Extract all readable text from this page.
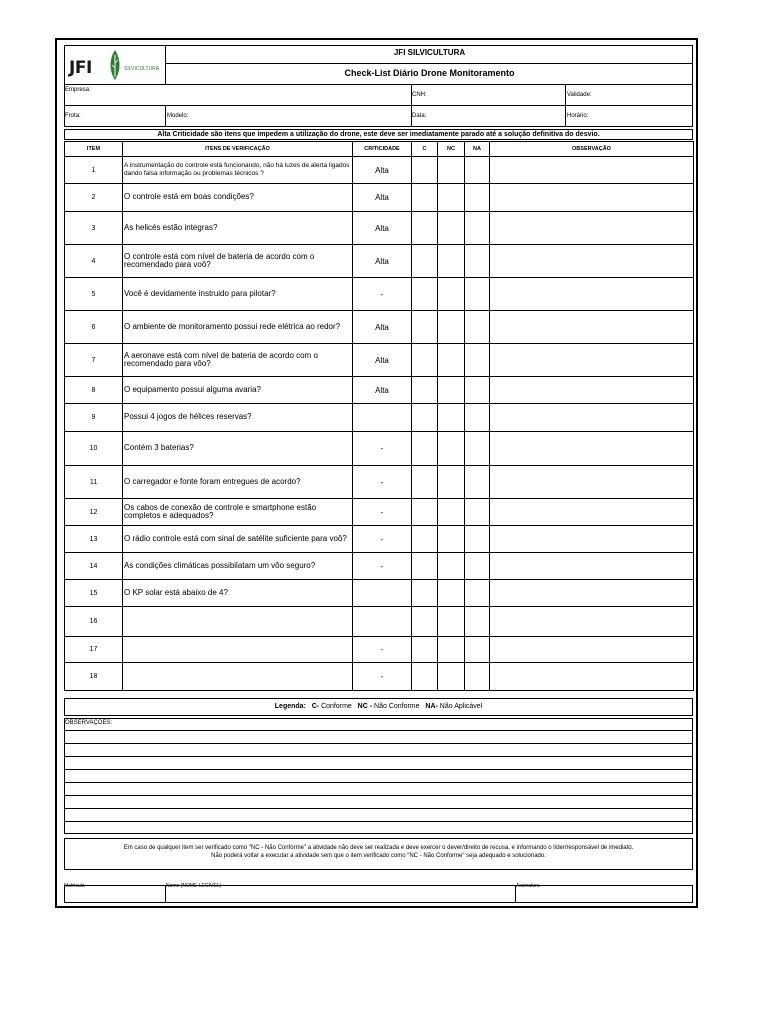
JFI	SILVICULTURA
JFI SILVICULTURA
Check-List Diário Drone Monitoramento
Empresa:
CNH:	Validade:
Frota:	Modelo:	Data:	Horário:
Alta Criticidade são itens que impedem a utilização do drone, este deve ser imediatamente parado até a solução definitiva do desvio.
ITEM	ITENS DE VERIFICAÇÃO	CRITICIDADE	C	NC	NA	OBSERVAÇÃO
1	A instrumentação do controle está funcionando, não há luzes de alerta ligados dando falsa informação ou problemas técnicos ?	Alta				
2	O controle está em boas condições?	Alta				
3	As helicés estão integras?	Alta				
4	O controle está com nível de bateria de acordo com o recomendado para voô?	Alta				
5	Você é devidamente instruido para pilotar?	-				
6	O ambiente de monitoramento possui rede elétrica ao redor?	Alta				
7	A aeronave está com nível de bateria de acordo com o recomendado para vôo?	Alta				
8	O equipamento possui alguma avaria?	Alta				
9	Possui 4 jogos de hélices reservas?					
10	Contém 3 baterias?	-				
11	O carregador e fonte foram entregues de acordo?	-				
12	Os cabos de conexão de controle e smartphone estão completos e adequados?	-				
13	O rádio controle está com sinal de satélite suficiente para voô?	-				
14	As condições climáticas possibilatam um vôo seguro?	-				
15	O KP solar está abaixo de 4?					
16						
17		-				
18		-				
Legenda: C- Conforme NC - Não Conforme NA- Não Aplicável
OBSERVAÇÕES:
Em caso de qualquer item ser verificado como "NC - Não Conforme" a atividade não deve ser realizada e deve exercer o dever/direito de recusa, e informando o líder/responsável de imediato.
Não poderá voltar a executar a atividade sem que o item verificado como "NC - Não Conforme" seja adequado e solucionado.
Matrícula	Nome (NOME LEGÍVEL)	Assinatura
